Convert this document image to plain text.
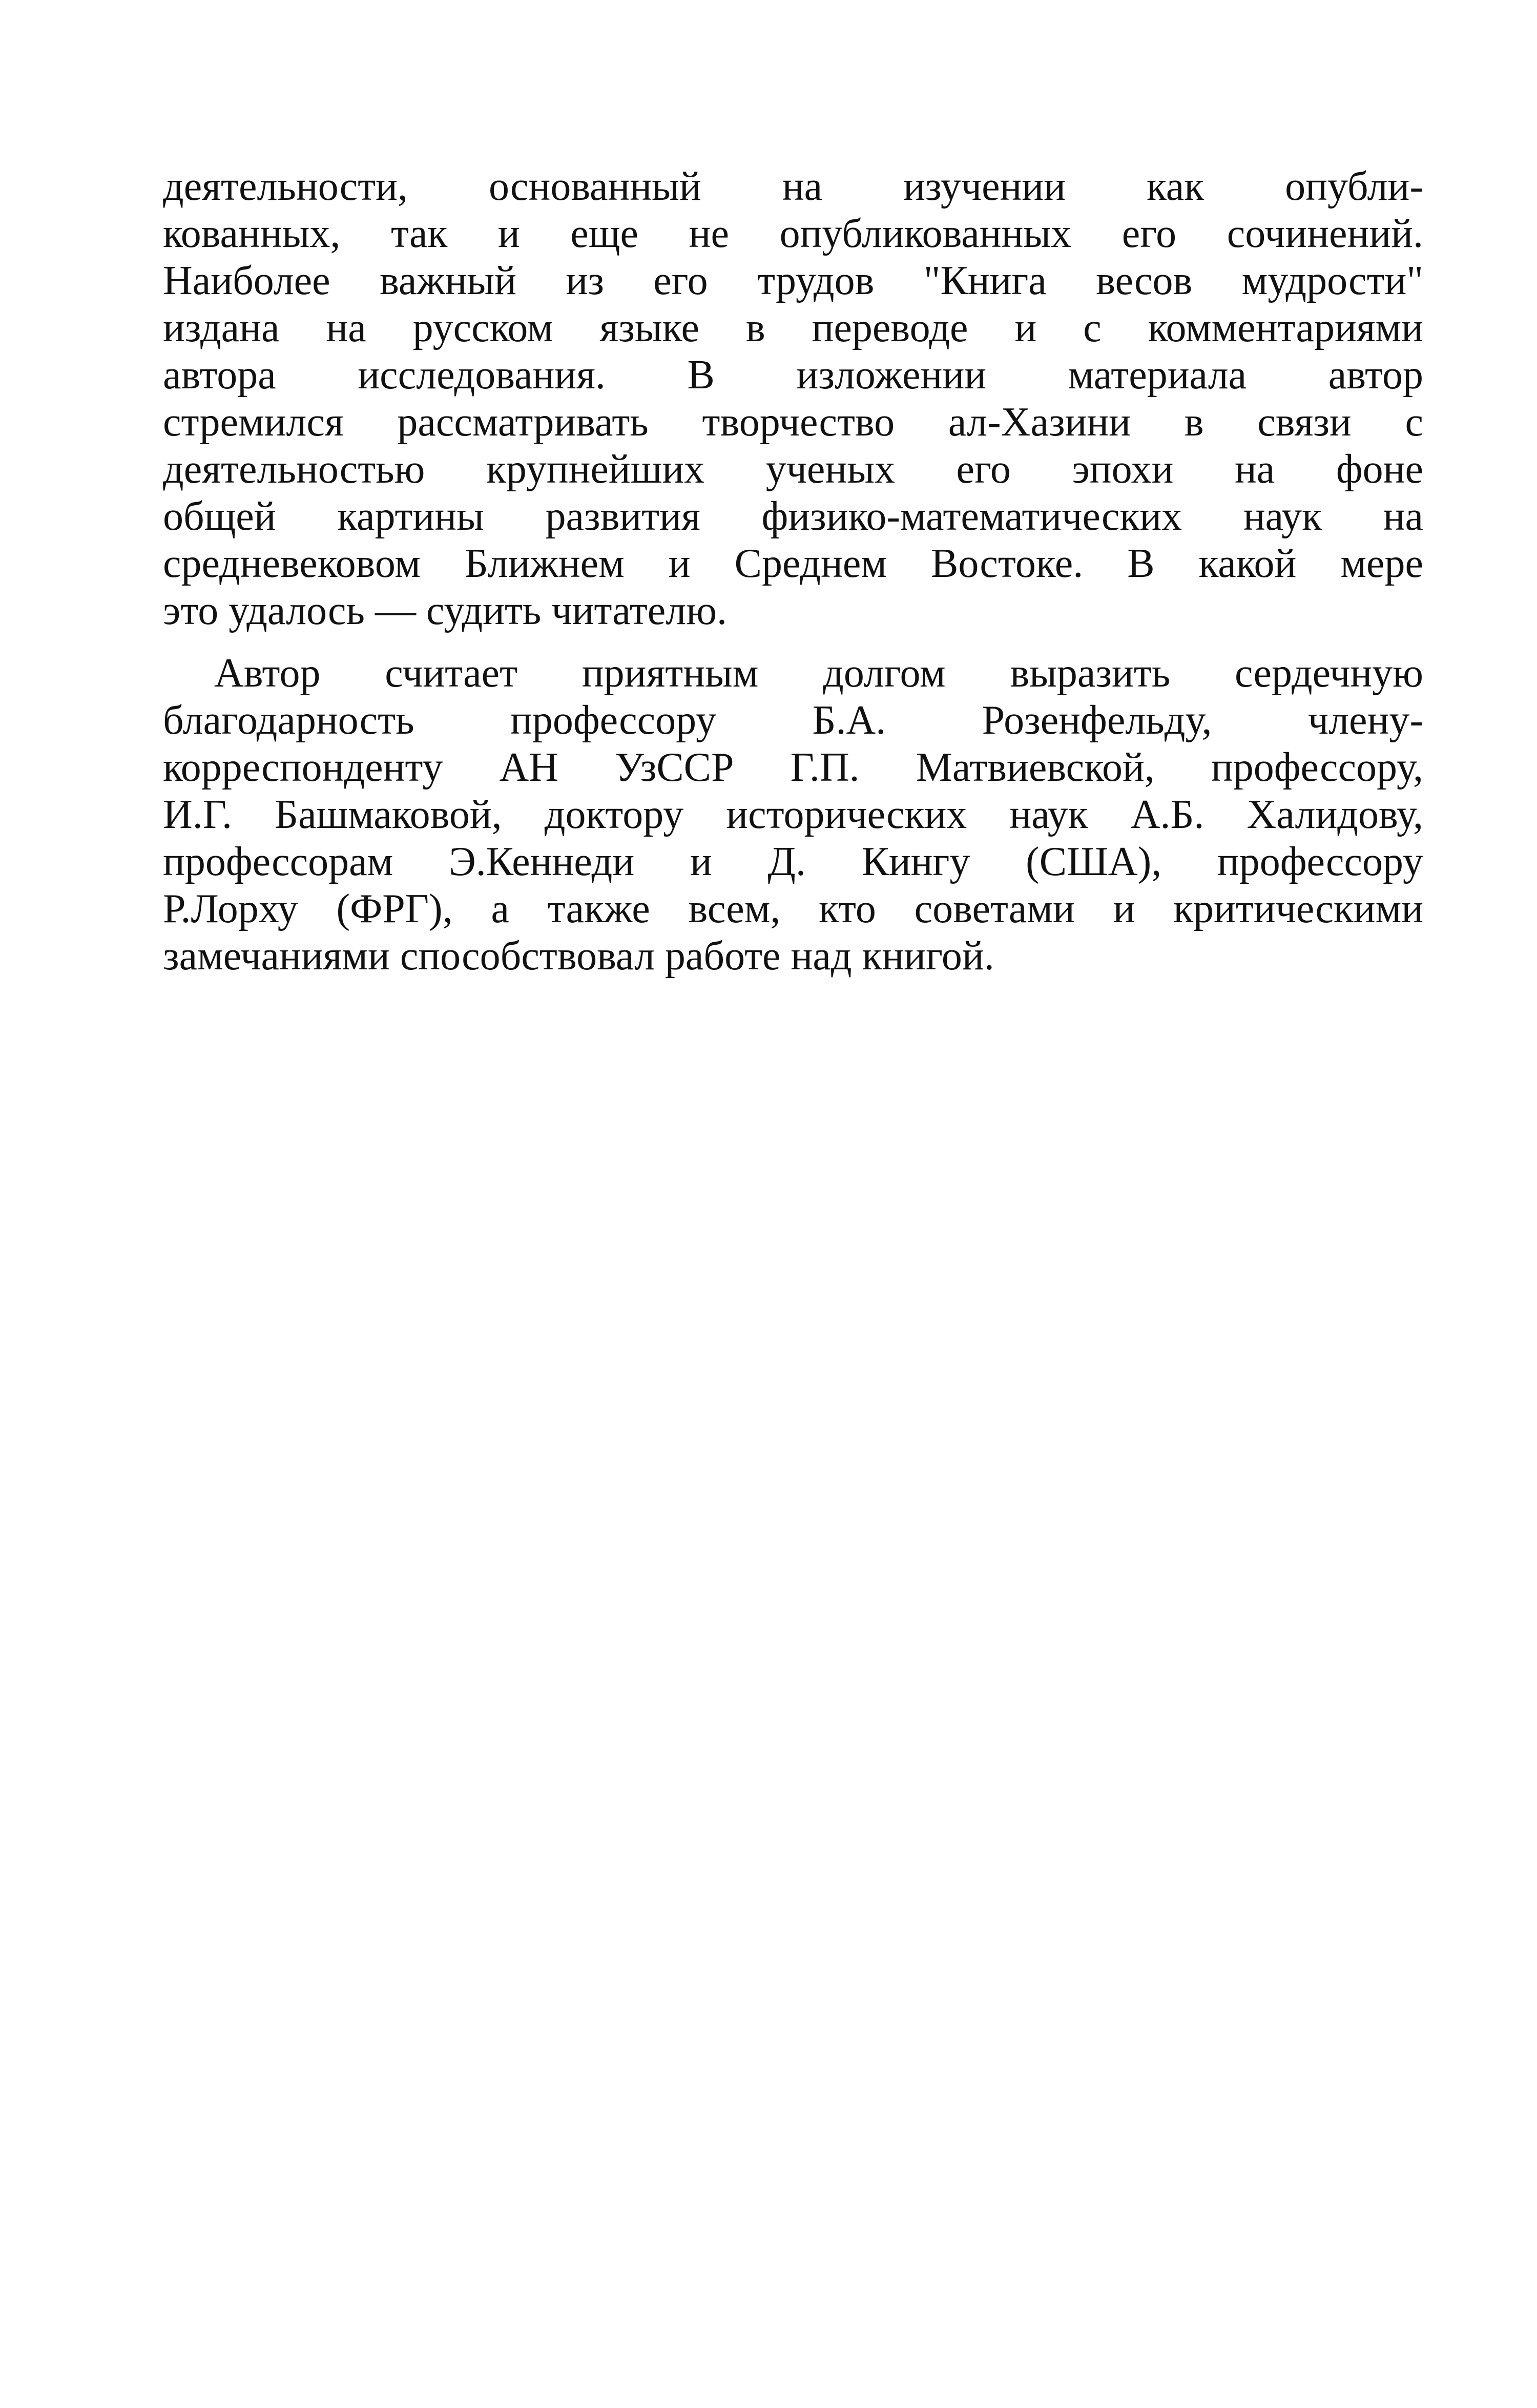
деятельности, основанный на изучении как опубли-
кованных, так и еще не опубликованных его сочинений.
Наиболее важный из его трудов "Книга весов мудрости"
издана на русском языке в переводе и с комментариями
автора исследования. В изложении материала автор
стремился рассматривать творчество ал-Хазини в связи с
деятельностью крупнейших ученых его эпохи на фоне
общей картины развития физико-математических наук на
средневековом Ближнем и Среднем Востоке. В какой мере
это удалось — судить читателю.
Автор считает приятным долгом выразить сердечную
благодарность профессору Б.А. Розенфельду, члену-
корреспонденту АН УзССР Г.П. Матвиевской, профессору,
И.Г. Башмаковой, доктору исторических наук А.Б. Халидову,
профессорам Э.Кеннеди и Д. Кингу (США), профессору
Р.Лорху (ФРГ), а также всем, кто советами и критическими
замечаниями способствовал работе над книгой.
